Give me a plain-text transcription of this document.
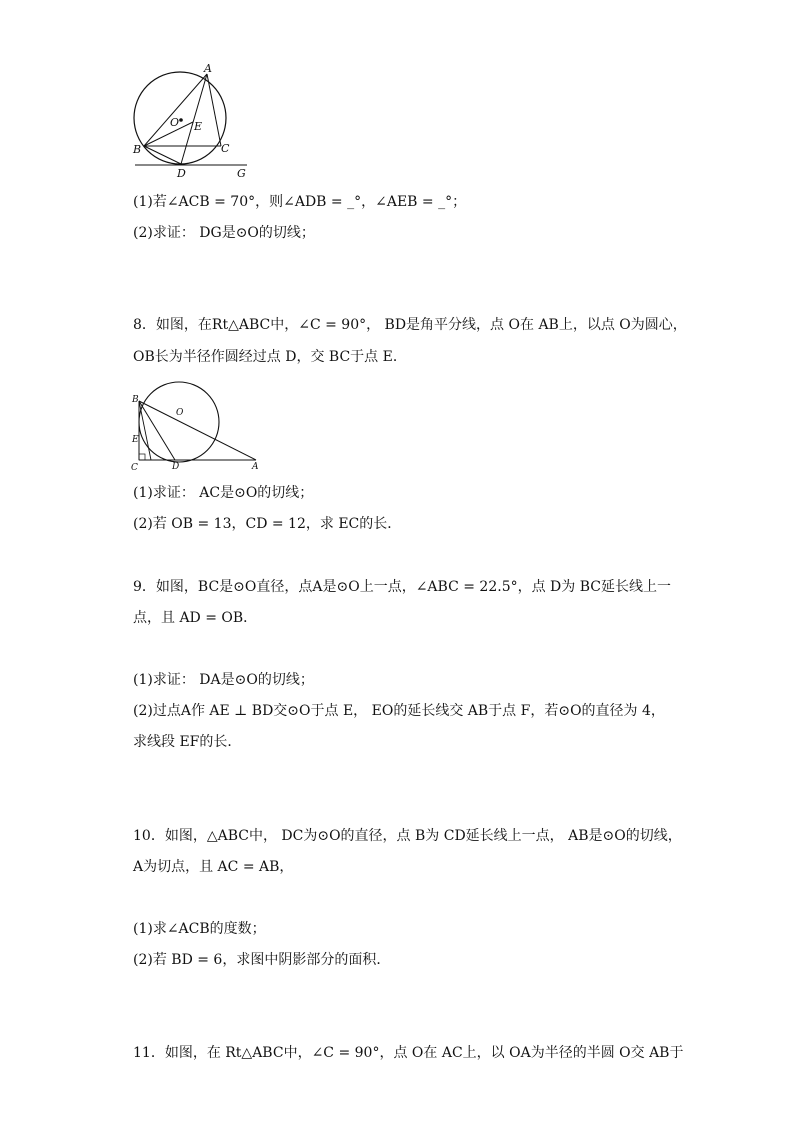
A
O E
B	C
D	G
(1)若∠ACB = 70°，则∠ADB = _°，∠AEB = _°；
(2)求证： DG是⊙O的切线；
8．如图，在Rt△ABC中，∠C = 90°， BD是角平分线，点 O在 AB上，以点 O为圆心，
OB长为半径作圆经过点 D，交 BC于点 E．
B
O
E
C	D	A
(1)求证： AC是⊙O的切线；
(2)若 OB = 13，CD = 12，求 EC的长．
9．如图，BC是⊙O直径，点A是⊙O上一点，∠ABC = 22.5°，点 D为 BC延长线上一
点，且 AD = OB．
(1)求证： DA是⊙O的切线；
(2)过点A作 AE ⊥ BD交⊙O于点 E， EO的延长线交 AB于点 F，若⊙O的直径为 4，
求线段 EF的长．
10．如图，△ABC中， DC为⊙O的直径，点 B为 CD延长线上一点， AB是⊙O的切线，
A为切点，且 AC = AB，
(1)求∠ACB的度数；
(2)若 BD = 6，求图中阴影部分的面积．
11．如图，在 Rt△ABC中，∠C = 90°，点 O在 AC上，以 OA为半径的半圆 O交 AB于
